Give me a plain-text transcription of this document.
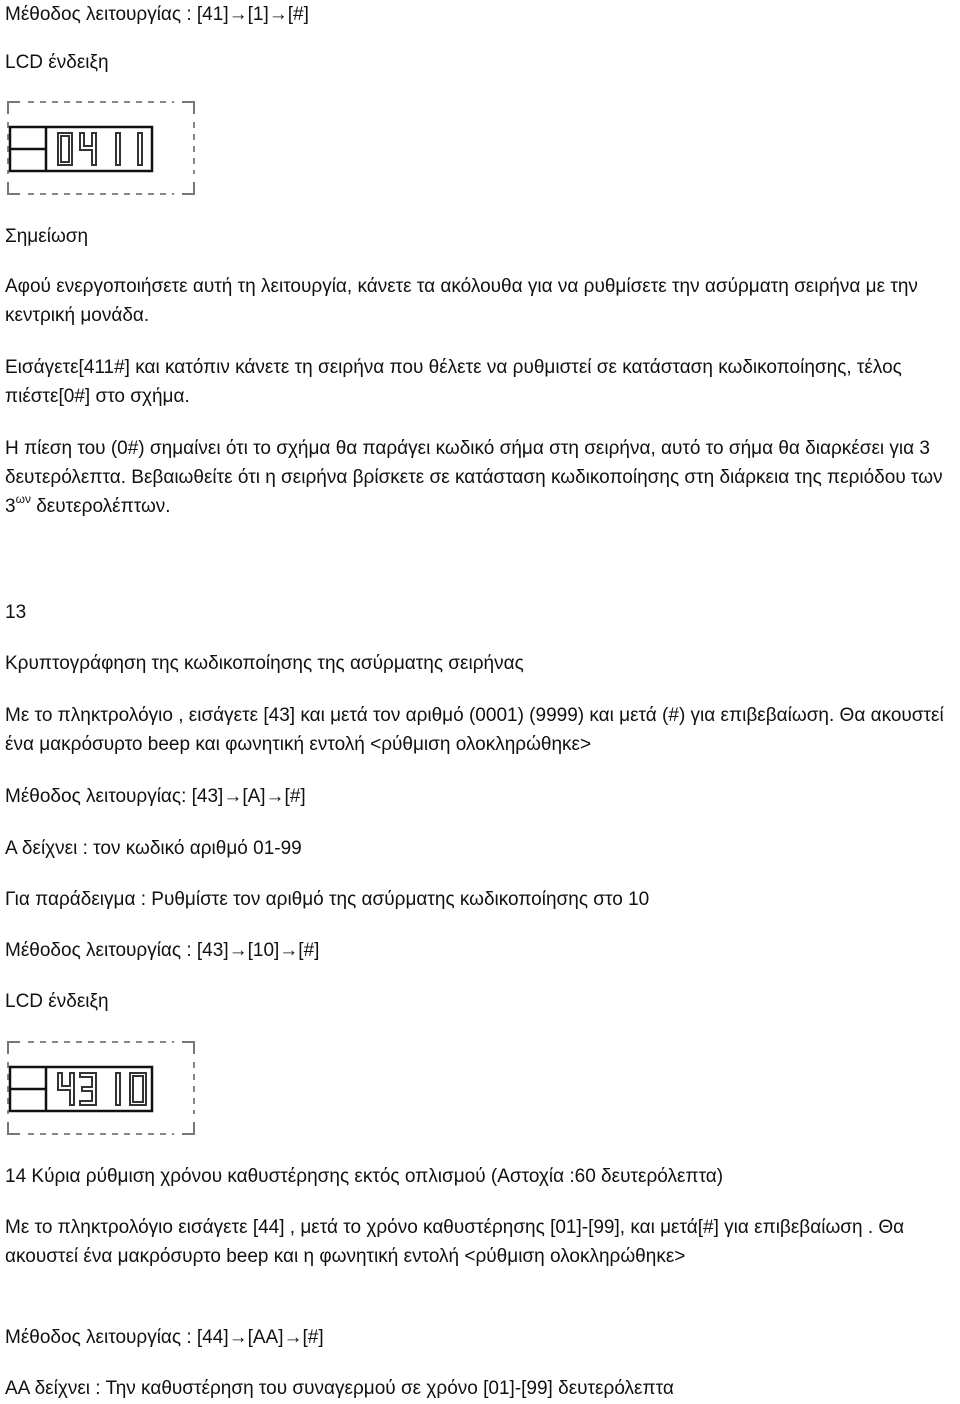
Μέθοδος λειτουργίας : [41]→[1]→[#]

LCD ένδειξη

Σημείωση

Αφού ενεργοποιήσετε αυτή τη λειτουργία, κάνετε τα ακόλουθα για να ρυθμίσετε την ασύρματη σειρήνα με την κεντρική μονάδα.

Εισάγετε[411#] και κατόπιν κάνετε τη σειρήνα που θέλετε να ρυθμιστεί σε κατάσταση κωδικοποίησης, τέλος πιέστε[0#] στο σχήμα.

Η πίεση του (0#) σημαίνει ότι το σχήμα θα παράγει κωδικό σήμα στη σειρήνα, αυτό το σήμα θα διαρκέσει για 3 δευτερόλεπτα. Βεβαιωθείτε ότι η σειρήνα βρίσκετε σε κατάσταση κωδικοποίησης στη διάρκεια της περιόδου των $3^{\omega\nu}$ δευτερολέπτων.

13

Κρυπτογράφηση της κωδικοποίησης της ασύρματης σειρήνας

Με το πληκτρολόγιο , εισάγετε [43] και μετά τον αριθμό (0001) (9999) και μετά (#) για επιβεβαίωση. Θα ακουστεί ένα μακρόσυρτο beep και φωνητική εντολή <ρύθμιση ολοκληρώθηκε>

Μέθοδος λειτουργίας: [43]→[A]→[#]

A δείχνει : τον κωδικό αριθμό 01-99

Για παράδειγμα : Ρυθμίστε τον αριθμό της ασύρματης κωδικοποίησης στο 10

Μέθοδος λειτουργίας : [43]→[10]→[#]

LCD ένδειξη

14 Κύρια ρύθμιση χρόνου καθυστέρησης εκτός οπλισμού (Αστοχία :60 δευτερόλεπτα)

Με το πληκτρολόγιο εισάγετε [44] , μετά το χρόνο καθυστέρησης [01]-[99], και μετά[#] για επιβεβαίωση . Θα ακουστεί ένα μακρόσυρτο beep και η φωνητική εντολή <ρύθμιση ολοκληρώθηκε>

Μέθοδος λειτουργίας : [44]→[AA]→[#]

AA δείχνει : Την καθυστέρηση του συναγερμού σε χρόνο [01]-[99] δευτερόλεπτα
